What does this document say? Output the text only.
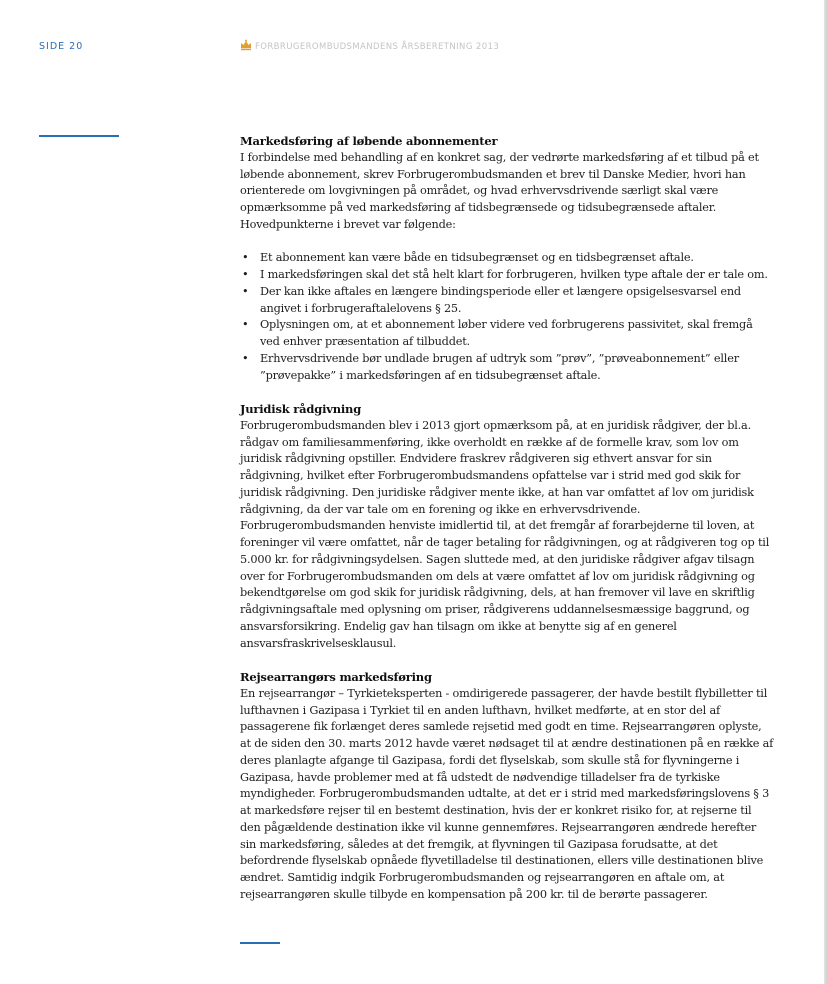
SIDE 20	FORBRUGEROMBUDSMANDENS ÅRSBERETNING 2013
Markedsføring af løbende abonnementer

I forbindelse med behandling af en konkret sag, der vedrørte markedsføring af et tilbud på et løbende abonnement, skrev Forbrugerombudsmanden et brev til Danske Medier, hvori han orienterede om lovgivningen på området, og hvad erhvervsdrivende særligt skal være opmærksomme på ved markedsføring af tidsbegrænsede og tidsubegrænsede aftaler. Hovedpunkterne i brevet var følgende:

• Et abonnement kan være både en tidsubegrænset og en tidsbegrænset aftale.
• I markedsføringen skal det stå helt klart for forbrugeren, hvilken type aftale der er tale om.
• Der kan ikke aftales en længere bindingsperiode eller et længere opsigelsesvarsel end angivet i forbrugeraftalelovens § 25.
• Oplysningen om, at et abonnement løber videre ved forbrugerens passivitet, skal fremgå ved enhver præsentation af tilbuddet.
• Erhvervsdrivende bør undlade brugen af udtryk som ”prøv”, ”prøveabonnement” eller ”prøvepakke” i markedsføringen af en tidsubegrænset aftale.
Juridisk rådgivning

Forbrugerombudsmanden blev i 2013 gjort opmærksom på, at en juridisk rådgiver, der bl.a. rådgav om familiesammenføring, ikke overholdt en række af de formelle krav, som lov om juridisk rådgivning opstiller. Endvidere fraskrev rådgiveren sig ethvert ansvar for sin rådgivning, hvilket efter Forbrugerombudsmandens opfattelse var i strid med god skik for juridisk rådgivning. Den juridiske rådgiver mente ikke, at han var omfattet af lov om juridisk rådgivning, da der var tale om en forening og ikke en erhvervsdrivende. Forbrugerombudsmanden henviste imidlertid til, at det fremgår af forarbejderne til loven, at foreninger vil være omfattet, når de tager betaling for rådgivningen, og at rådgiveren tog op til 5.000 kr. for rådgivningsydelsen. Sagen sluttede med, at den juridiske rådgiver afgav tilsagn over for Forbrugerombudsmanden om dels at være omfattet af lov om juridisk rådgivning og bekendtgørelse om god skik for juridisk rådgivning, dels, at han fremover vil lave en skriftlig rådgivningsaftale med oplysning om priser, rådgiverens uddannelsesmæssige baggrund, og ansvarsforsikring. Endelig gav han tilsagn om ikke at benytte sig af en generel ansvarsfraskrivelsesklausul.

Rejsearrangørs markedsføring

En rejsearrangør – Tyrkieteksperten - omdirigerede passagerer, der havde bestilt flybilletter til lufthavnen i Gazipasa i Tyrkiet til en anden lufthavn, hvilket medførte, at en stor del af passagerene fik forlænget deres samlede rejsetid med godt en time. Rejsearrangøren oplyste, at de siden den 30. marts 2012 havde været nødsaget til at ændre destinationen på en række af deres planlagte afgange til Gazipasa, fordi det flyselskab, som skulle stå for flyvningerne i Gazipasa, havde problemer med at få udstedt de nødvendige tilladelser fra de tyrkiske myndigheder. Forbrugerombudsmanden udtalte, at det er i strid med markedsføringslovens § 3 at markedsføre rejser til en bestemt destination, hvis der er konkret risiko for, at rejserne til den pågældende destination ikke vil kunne gennemføres. Rejsearrangøren ændrede herefter sin markedsføring, således at det fremgik, at flyvningen til Gazipasa forudsatte, at det befordrende flyselskab opnåede flyvetilladelse til destinationen, ellers ville destinationen blive ændret. Samtidig indgik Forbrugerombudsmanden og rejsearrangøren en aftale om, at rejsearrangøren skulle tilbyde en kompensation på 200 kr. til de berørte passagerer.
